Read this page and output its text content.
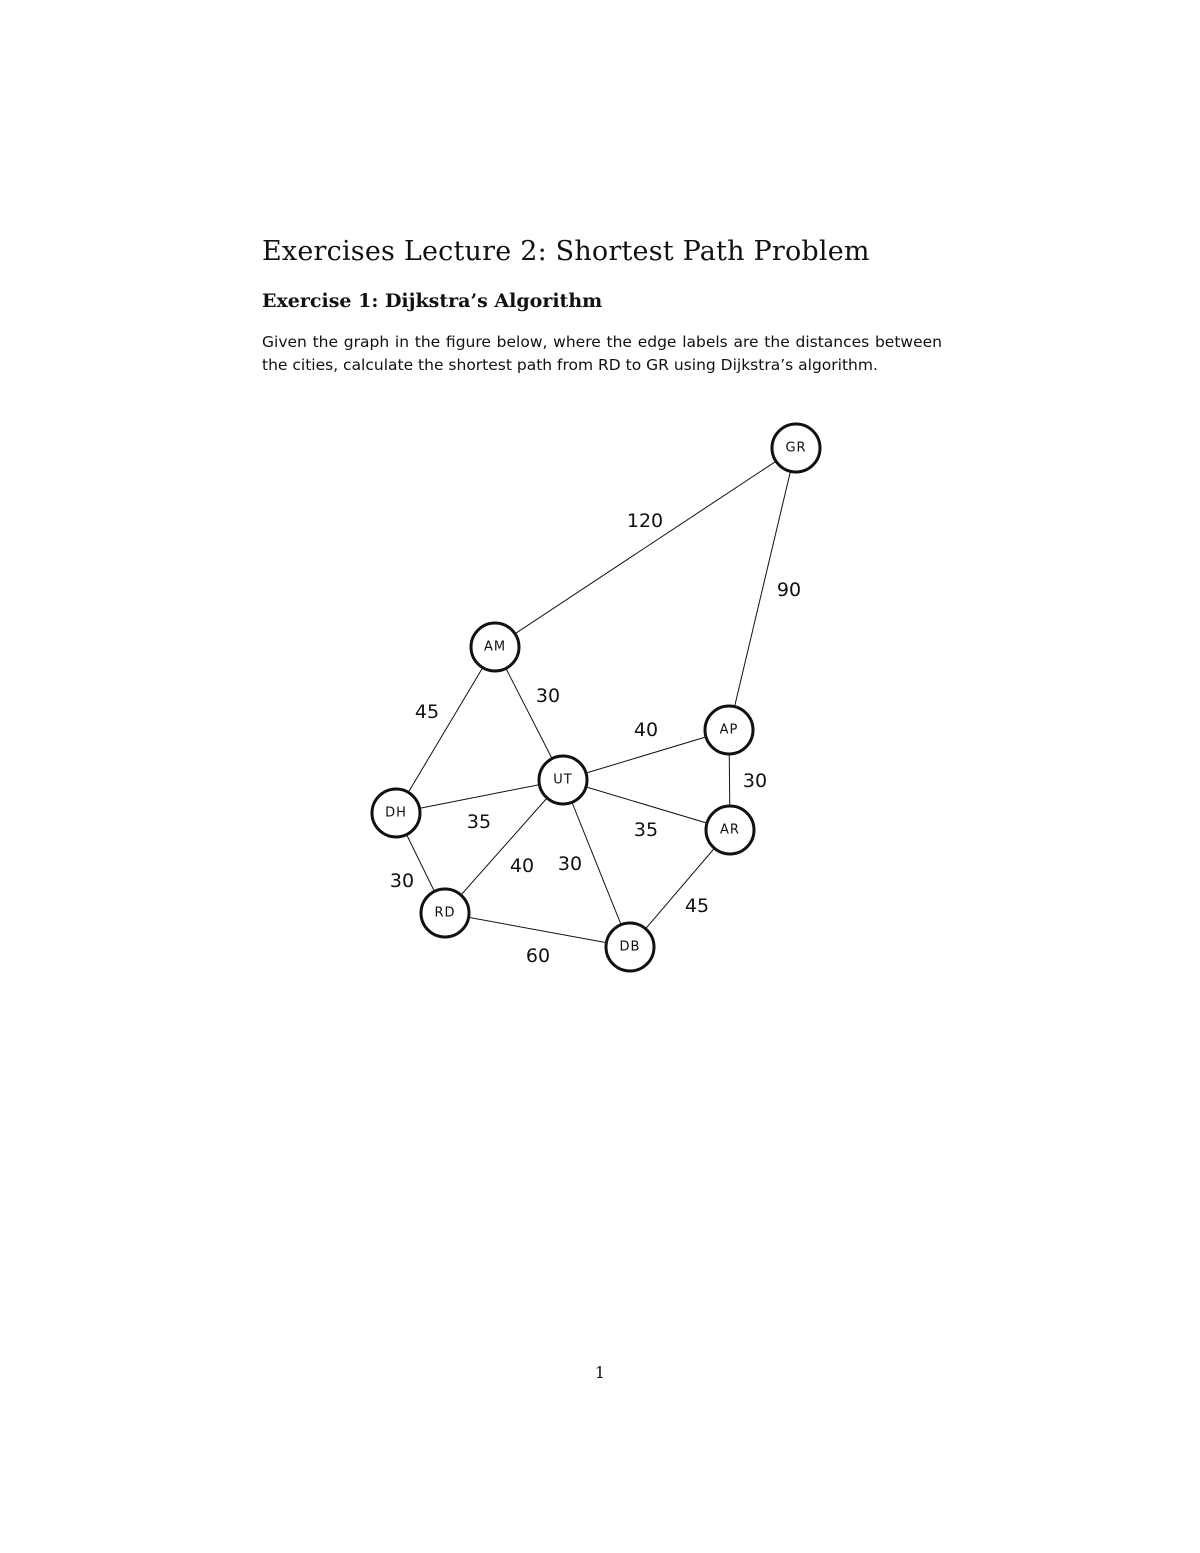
Exercises Lecture 2: Shortest Path Problem
Exercise 1: Dijkstra’s Algorithm

Given the graph in the figure below, where the edge labels are the distances between the cities, calculate the shortest path from RD to GR using Dijkstra’s algorithm.

120
90
45
30
40
30
35	35
40 30
30
45
60
GR
AM
AP
UT
DH
AR
RD
DB
1
